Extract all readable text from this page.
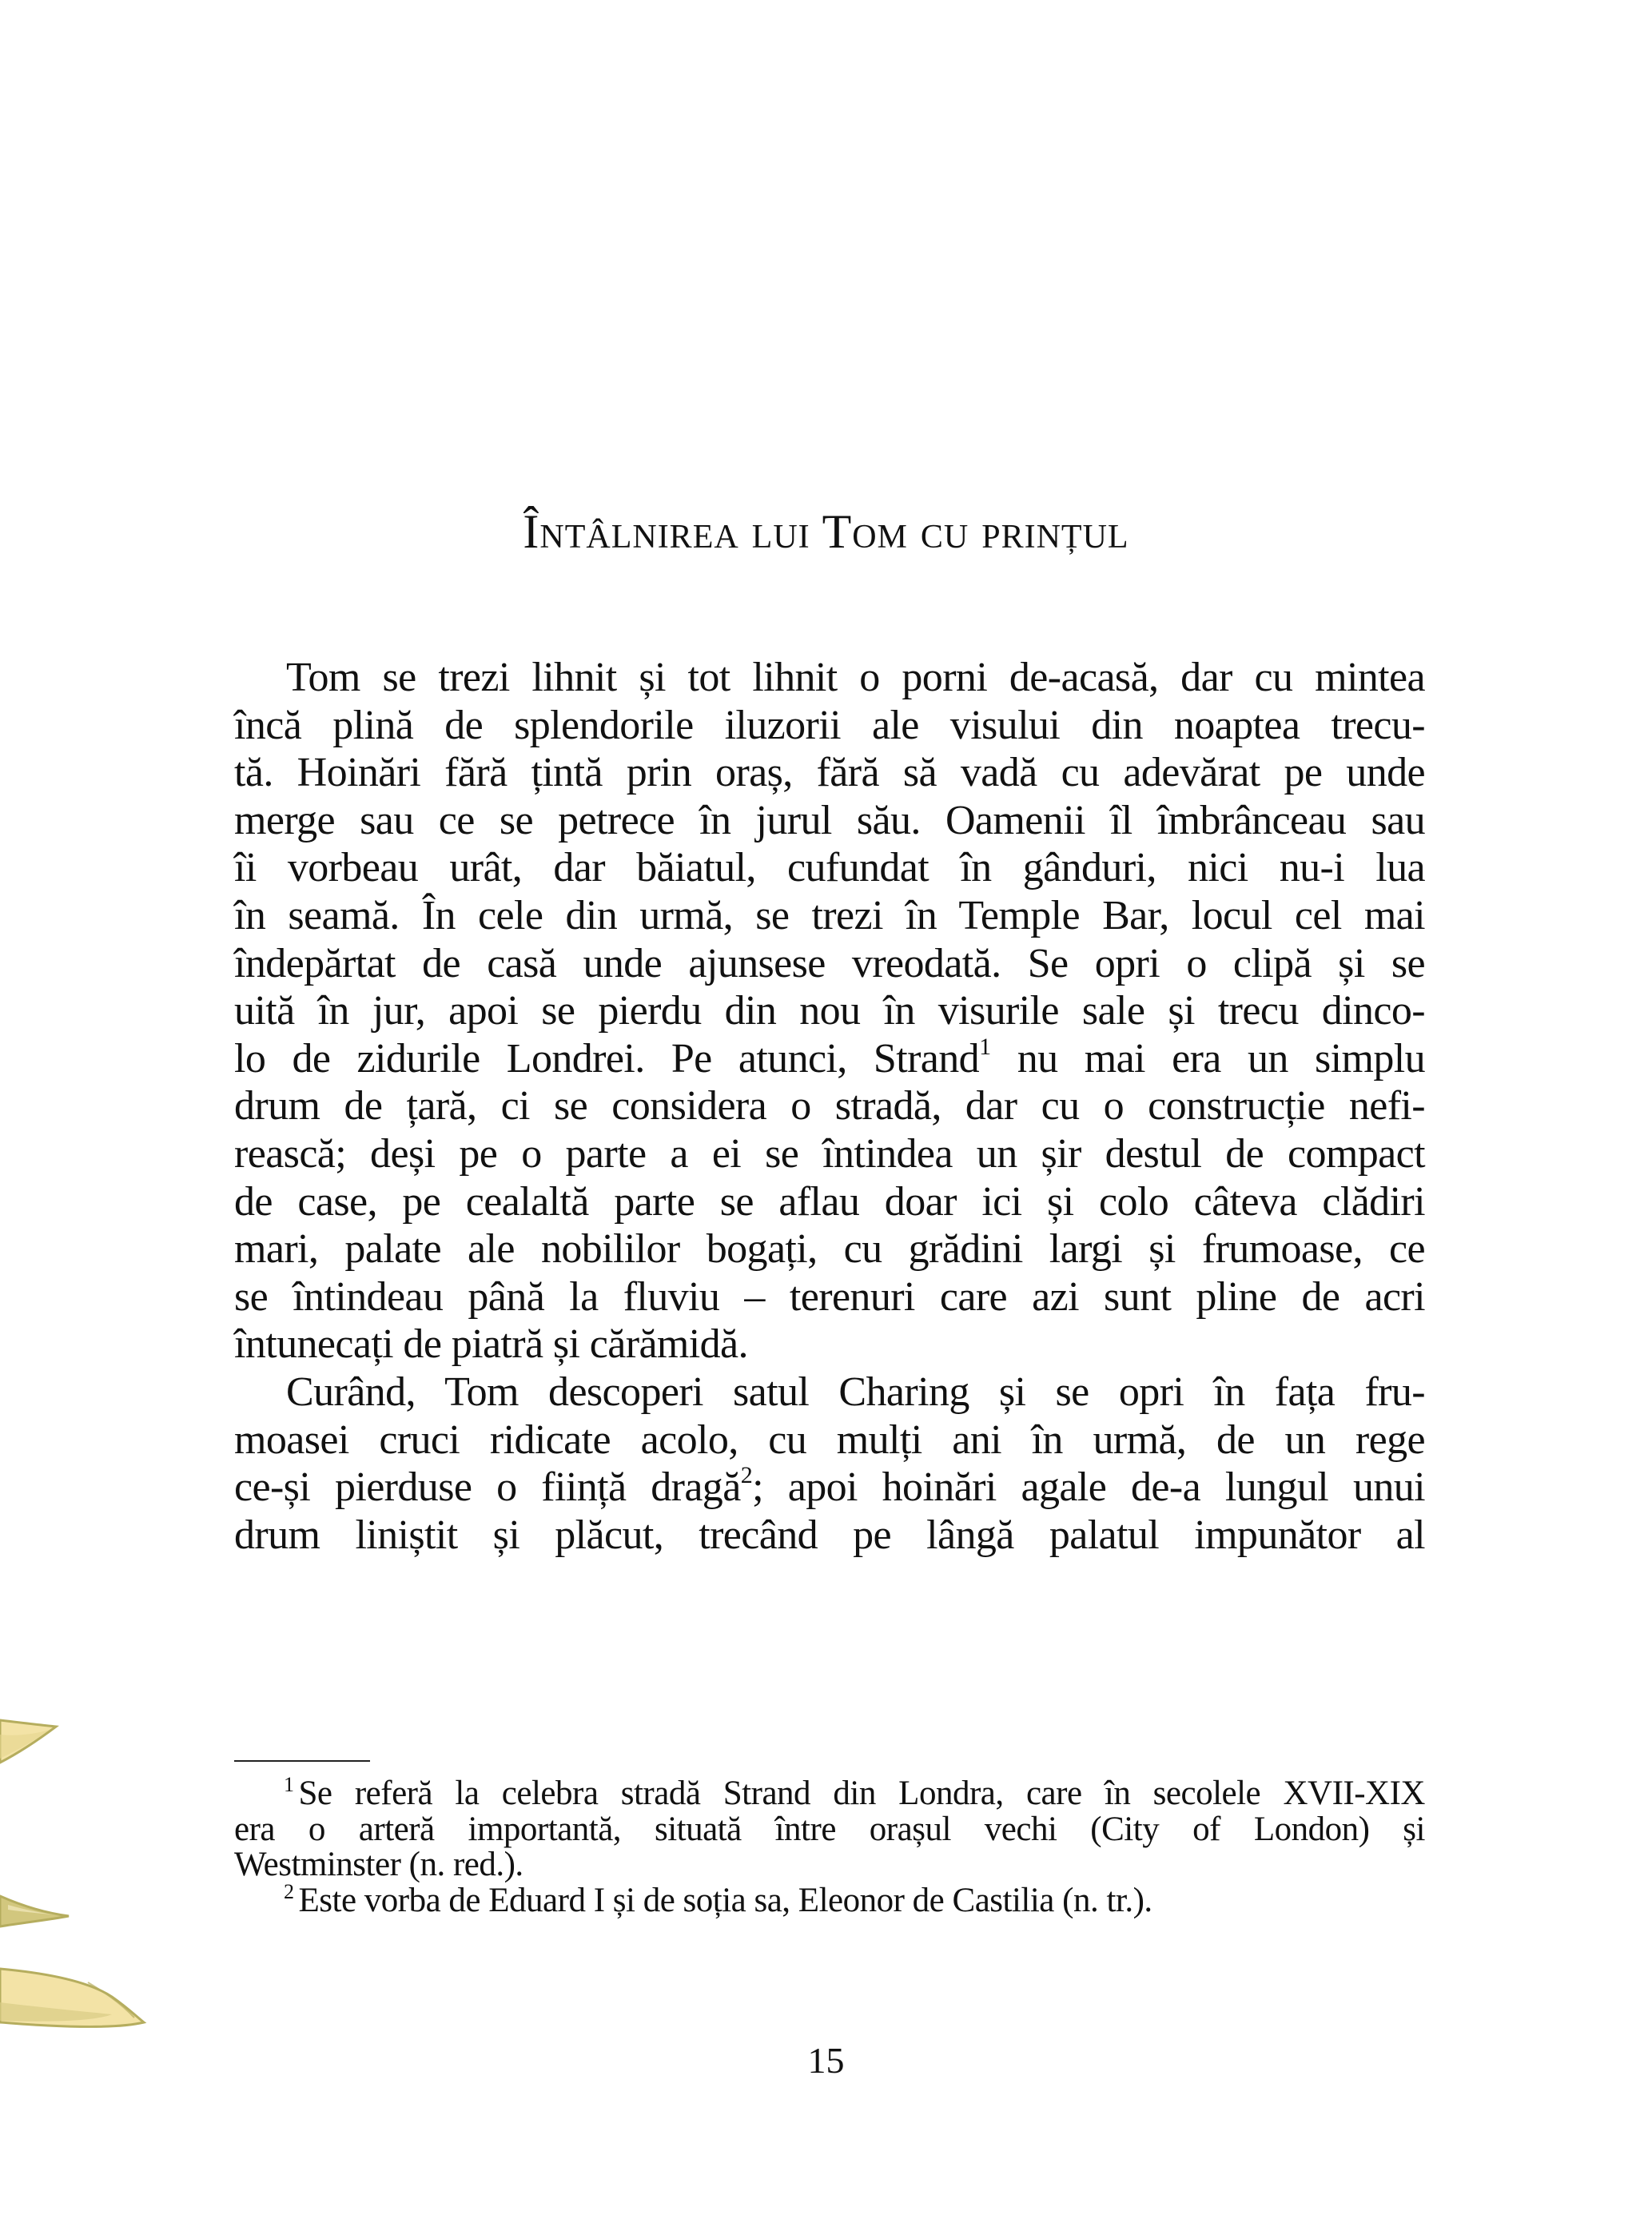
Întâlnirea lui Tom cu prințul
Tom se trezi lihnit și tot lihnit o porni de-acasă, dar cu mintea
încă plină de splendorile iluzorii ale visului din noaptea trecu-
tă. Hoinări fără țintă prin oraș, fără să vadă cu adevărat pe unde
merge sau ce se petrece în jurul său. Oamenii îl îmbrânceau sau
îi vorbeau urât, dar băiatul, cufundat în gânduri, nici nu-i lua
în seamă. În cele din urmă, se trezi în Temple Bar, locul cel mai
îndepărtat de casă unde ajunsese vreodată. Se opri o clipă și se
uită în jur, apoi se pierdu din nou în visurile sale și trecu dinco-
lo de zidurile Londrei. Pe atunci, Strand$^1$ nu mai era un simplu
drum de țară, ci se considera o stradă, dar cu o construcție nefi-
rească; deși pe o parte a ei se întindea un șir destul de compact
de case, pe cealaltă parte se aflau doar ici și colo câteva clădiri
mari, palate ale nobililor bogați, cu grădini largi și frumoase, ce
se întindeau până la fluviu – terenuri care azi sunt pline de acri
întunecați de piatră și cărămidă.
Curând, Tom descoperi satul Charing și se opri în fața fru-
moasei cruci ridicate acolo, cu mulți ani în urmă, de un rege
ce-și pierduse o ființă dragă$^2$; apoi hoinări agale de-a lungul unui
drum liniștit și plăcut, trecând pe lângă palatul impunător al
$^1$ Se referă la celebra stradă Strand din Londra, care în secolele XVII-XIX
era o arteră importantă, situată între orașul vechi (City of London) și
Westminster (n. red.).
$^2$ Este vorba de Eduard I și de soția sa, Eleonor de Castilia (n. tr.).
15
